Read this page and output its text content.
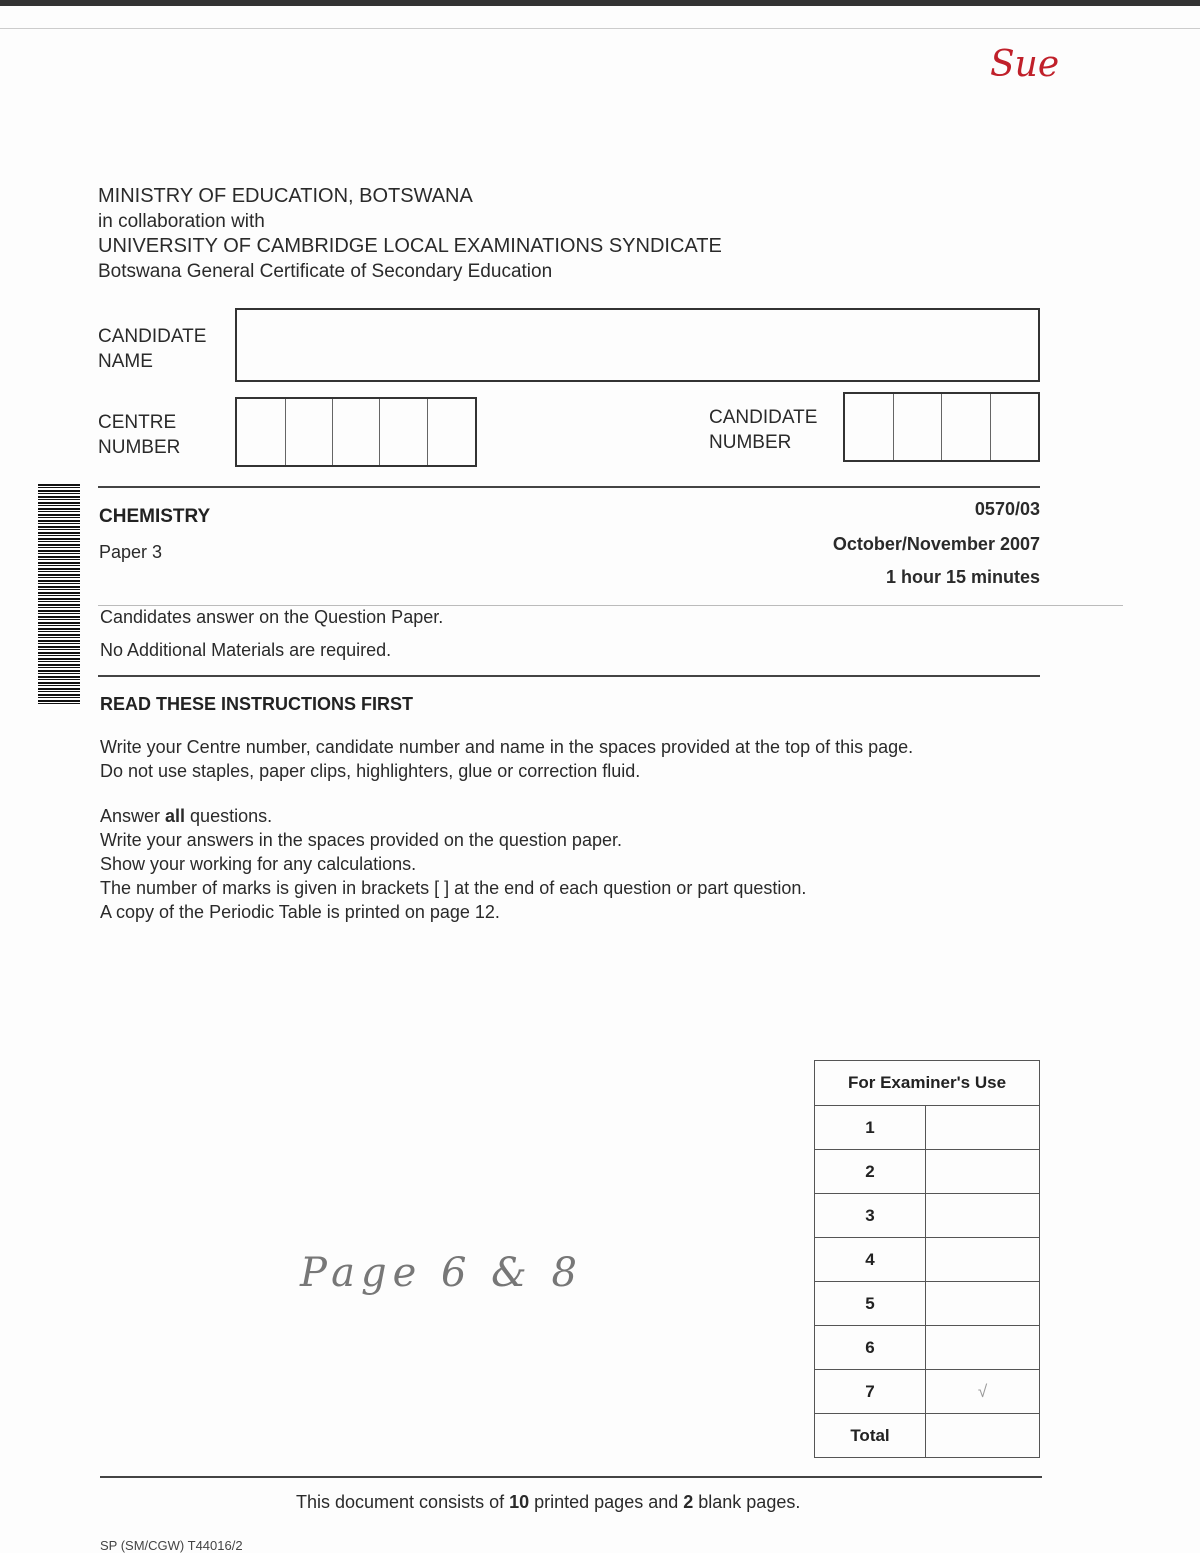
Sue
MINISTRY OF EDUCATION, BOTSWANA
in collaboration with
UNIVERSITY OF CAMBRIDGE LOCAL EXAMINATIONS SYNDICATE
Botswana General Certificate of Secondary Education
CANDIDATE
NAME
CENTRE
NUMBER
CANDIDATE
NUMBER
CHEMISTRY
Paper 3
0570/03
October/November 2007
1 hour 15 minutes
Candidates answer on the Question Paper.
No Additional Materials are required.
READ THESE INSTRUCTIONS FIRST
Write your Centre number, candidate number and name in the spaces provided at the top of this page.
Do not use staples, paper clips, highlighters, glue or correction fluid.
Answer all questions.
Write your answers in the spaces provided on the question paper.
Show your working for any calculations.
The number of marks is given in brackets [ ] at the end of each question or part question.
A copy of the Periodic Table is printed on page 12.
Page 6 & 8
For Examiner's Use	
1	
2	
3	
4	
5	
6	
7	√
Total	
This document consists of 10 printed pages and 2 blank pages.
SP (SM/CGW) T44016/2
